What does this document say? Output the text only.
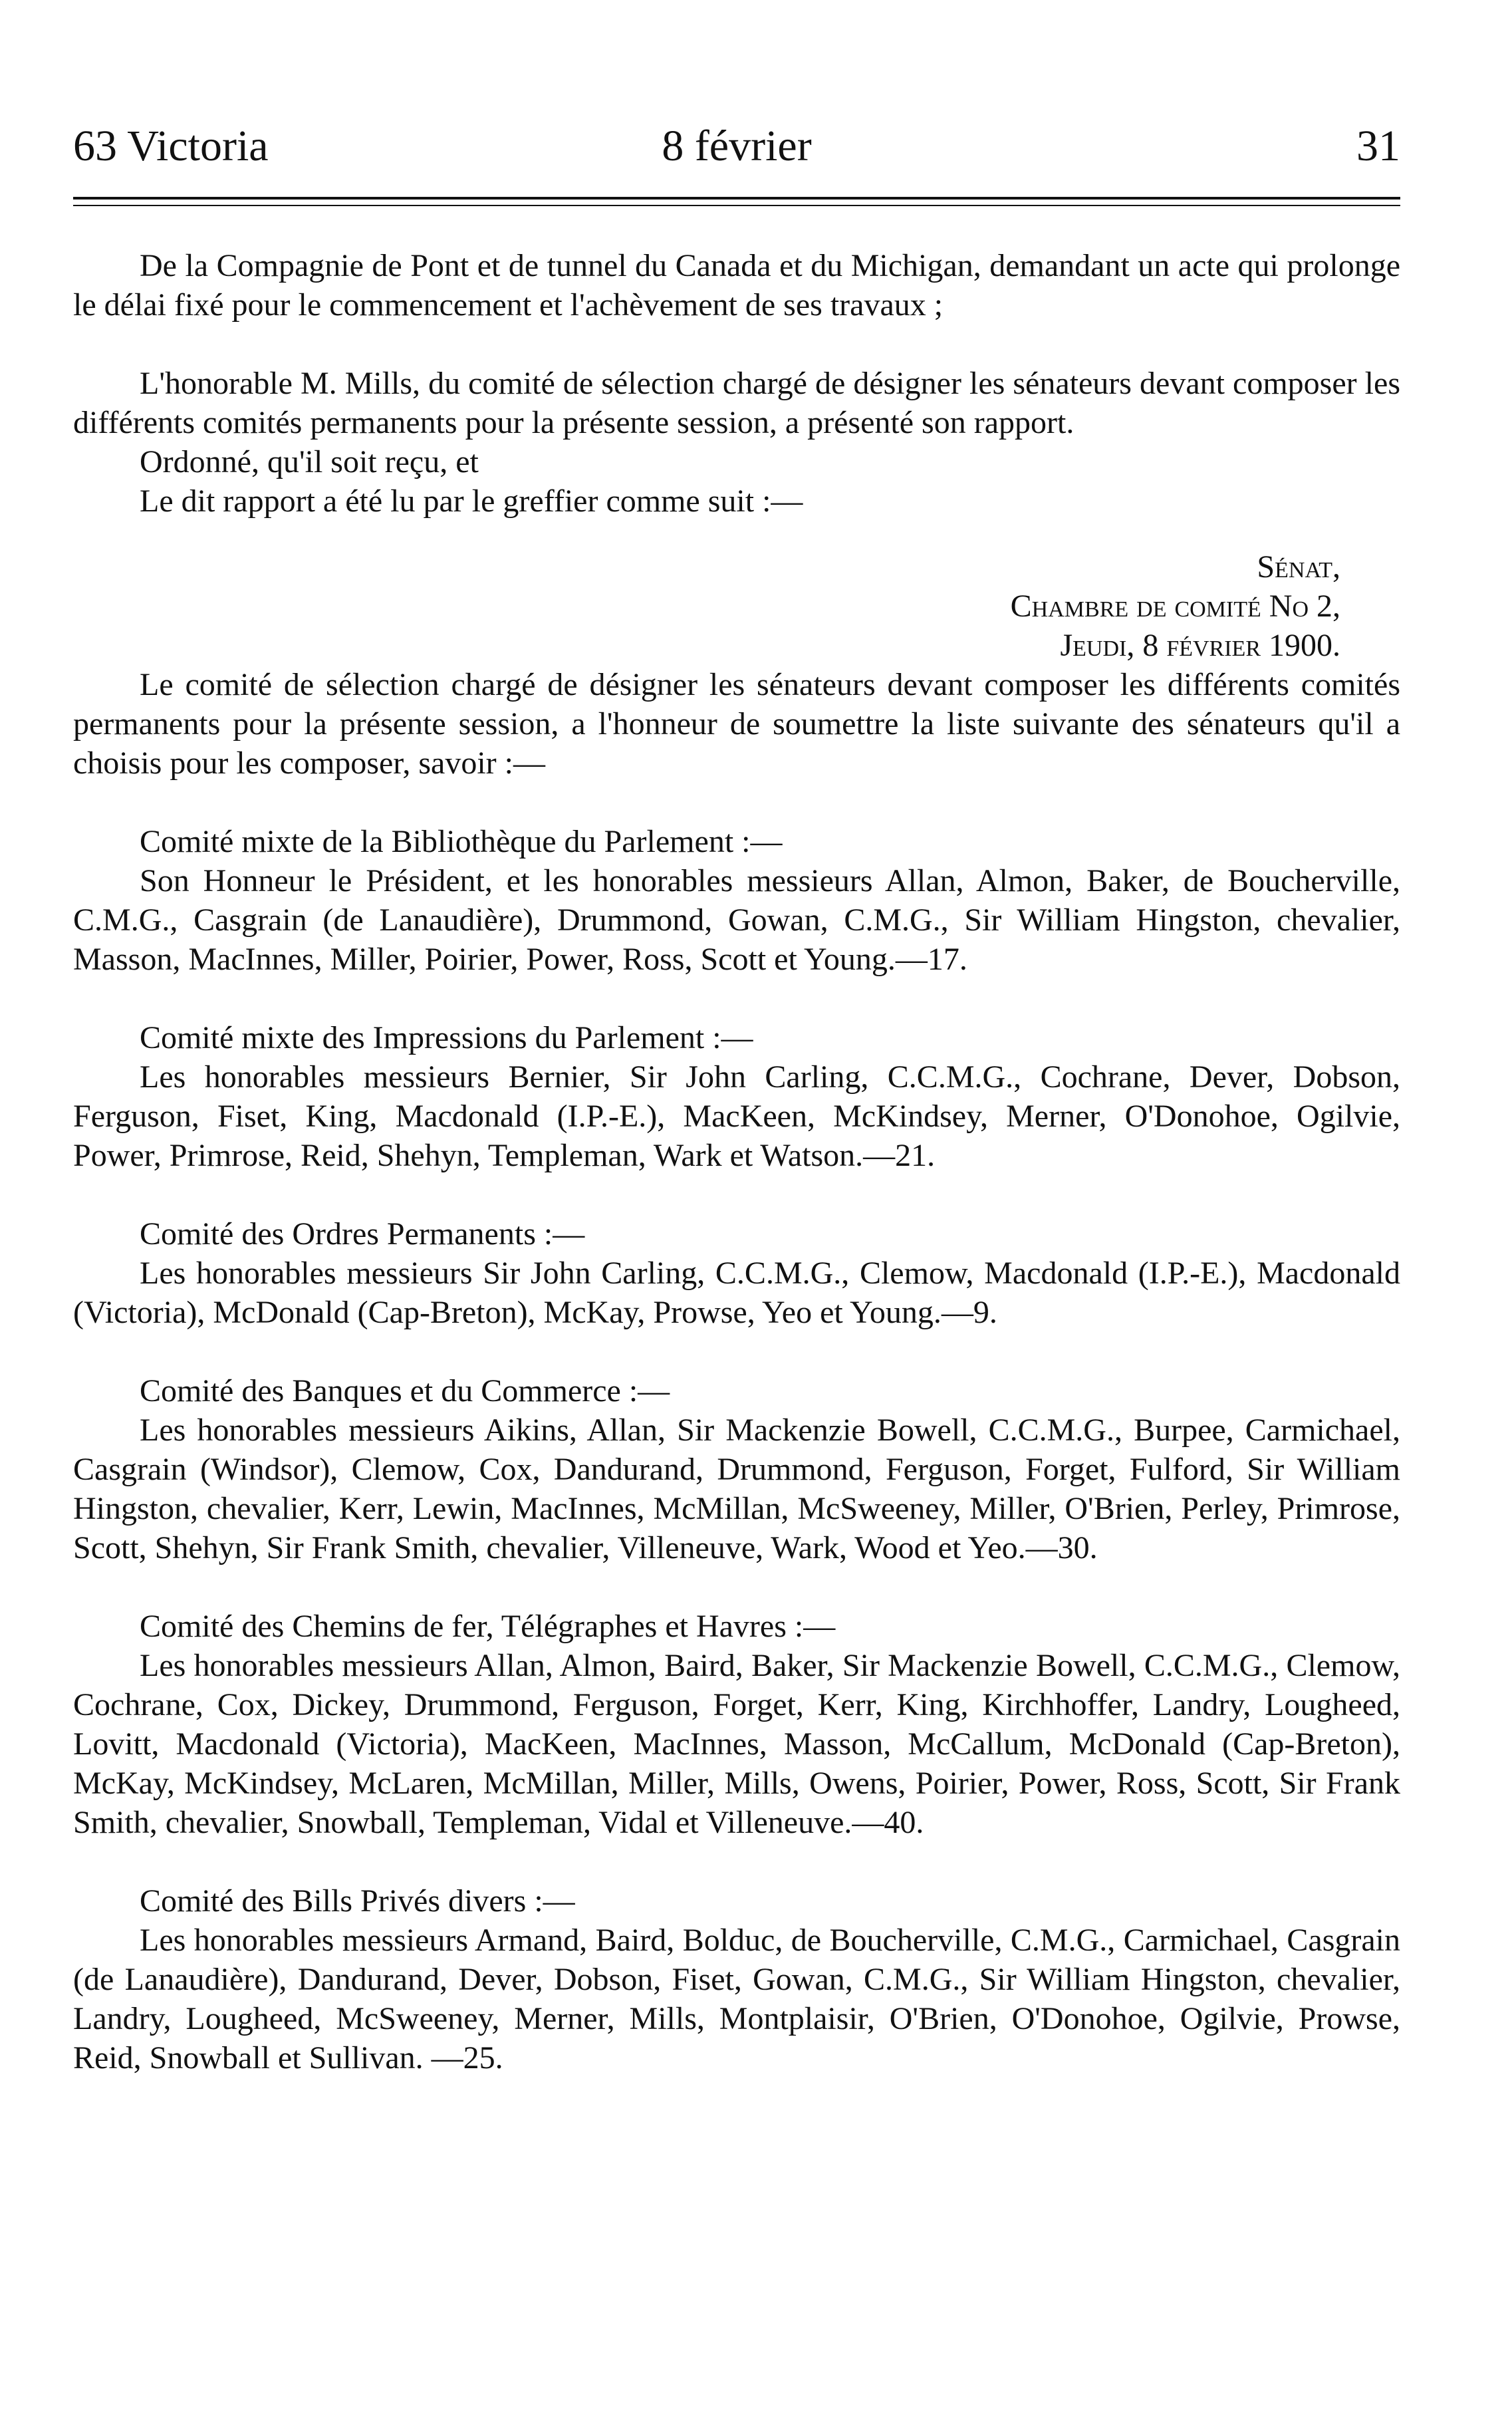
63 Victoria	8 février	31

De la Compagnie de Pont et de tunnel du Canada et du Michigan, demandant un acte qui prolonge le délai fixé pour le commencement et l'achèvement de ses travaux ;

L'honorable M. Mills, du comité de sélection chargé de désigner les sénateurs devant composer les différents comités permanents pour la présente session, a présenté son rapport.

Ordonné, qu'il soit reçu, et

Le dit rapport a été lu par le greffier comme suit :—

Sénat,
Chambre de comité No 2,
Jeudi, 8 février 1900.

Le comité de sélection chargé de désigner les sénateurs devant composer les différents comités permanents pour la présente session, a l'honneur de soumettre la liste suivante des sénateurs qu'il a choisis pour les composer, savoir :—

Comité mixte de la Bibliothèque du Parlement :—

Son Honneur le Président, et les honorables messieurs Allan, Almon, Baker, de Boucherville, C.M.G., Casgrain (de Lanaudière), Drummond, Gowan, C.M.G., Sir William Hingston, chevalier, Masson, MacInnes, Miller, Poirier, Power, Ross, Scott et Young.—17.

Comité mixte des Impressions du Parlement :—

Les honorables messieurs Bernier, Sir John Carling, C.C.M.G., Cochrane, Dever, Dobson, Ferguson, Fiset, King, Macdonald (I.P.-E.), MacKeen, McKindsey, Merner, O'Donohoe, Ogilvie, Power, Primrose, Reid, Shehyn, Templeman, Wark et Watson.—21.

Comité des Ordres Permanents :—

Les honorables messieurs Sir John Carling, C.C.M.G., Clemow, Macdonald (I.P.-E.), Macdonald (Victoria), McDonald (Cap-Breton), McKay, Prowse, Yeo et Young.—9.

Comité des Banques et du Commerce :—

Les honorables messieurs Aikins, Allan, Sir Mackenzie Bowell, C.C.M.G., Burpee, Carmichael, Casgrain (Windsor), Clemow, Cox, Dandurand, Drummond, Ferguson, Forget, Fulford, Sir William Hingston, chevalier, Kerr, Lewin, MacInnes, McMillan, McSweeney, Miller, O'Brien, Perley, Primrose, Scott, Shehyn, Sir Frank Smith, chevalier, Villeneuve, Wark, Wood et Yeo.—30.

Comité des Chemins de fer, Télégraphes et Havres :—

Les honorables messieurs Allan, Almon, Baird, Baker, Sir Mackenzie Bowell, C.C.M.G., Clemow, Cochrane, Cox, Dickey, Drummond, Ferguson, Forget, Kerr, King, Kirchhoffer, Landry, Lougheed, Lovitt, Macdonald (Victoria), MacKeen, MacInnes, Masson, McCallum, McDonald (Cap-Breton), McKay, McKindsey, McLaren, McMillan, Miller, Mills, Owens, Poirier, Power, Ross, Scott, Sir Frank Smith, chevalier, Snowball, Templeman, Vidal et Villeneuve.—40.

Comité des Bills Privés divers :—

Les honorables messieurs Armand, Baird, Bolduc, de Boucherville, C.M.G., Carmichael, Casgrain (de Lanaudière), Dandurand, Dever, Dobson, Fiset, Gowan, C.M.G., Sir William Hingston, chevalier, Landry, Lougheed, McSweeney, Merner, Mills, Montplaisir, O'Brien, O'Donohoe, Ogilvie, Prowse, Reid, Snowball et Sullivan. —25.
